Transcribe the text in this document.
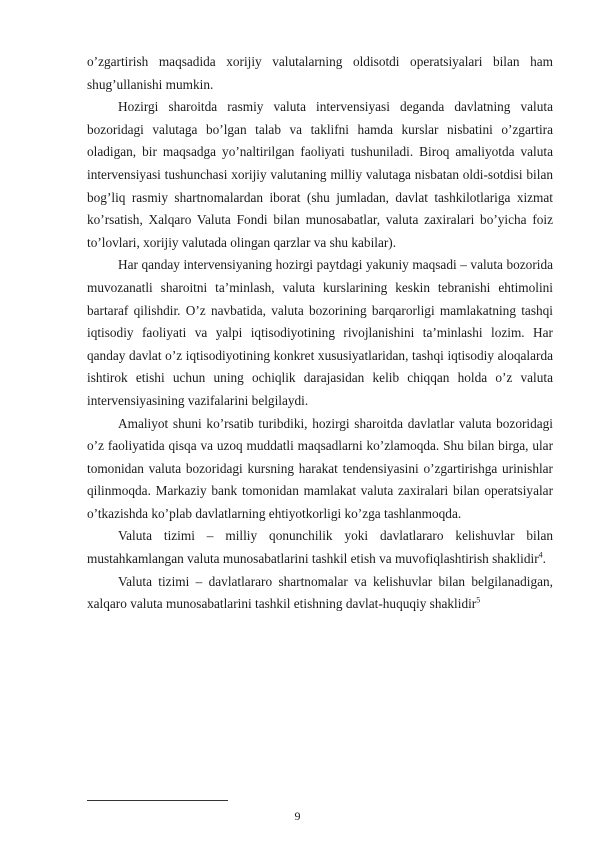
o’zgartirish maqsadida xorijiy valutalarning oldisotdi operatsiyalari bilan ham shug’ullanishi mumkin.

Hozirgi sharoitda rasmiy valuta intervensiyasi deganda davlatning valuta bozoridagi valutaga bo’lgan talab va taklifni hamda kurslar nisbatini o’zgartira oladigan, bir maqsadga yo’naltirilgan faoliyati tushuniladi. Biroq amaliyotda valuta intervensiyasi tushunchasi xorijiy valutaning milliy valutaga nisbatan oldi-sotdisi bilan bog’liq rasmiy shartnomalardan iborat (shu jumladan, davlat tashkilotlariga xizmat ko’rsatish, Xalqaro Valuta Fondi bilan munosabatlar, valuta zaxiralari bo’yicha foiz to’lovlari, xorijiy valutada olingan qarzlar va shu kabilar).

Har qanday intervensiyaning hozirgi paytdagi yakuniy maqsadi – valuta bozorida muvozanatli sharoitni ta’minlash, valuta kurslarining keskin tebranishi ehtimolini bartaraf qilishdir. O’z navbatida, valuta bozorining barqarorligi mamlakatning tashqi iqtisodiy faoliyati va yalpi iqtisodiyotining rivojlanishini ta’minlashi lozim. Har qanday davlat o’z iqtisodiyotining konkret xususiyatlaridan, tashqi iqtisodiy aloqalarda ishtirok etishi uchun uning ochiqlik darajasidan kelib chiqqan holda o’z valuta intervensiyasining vazifalarini belgilaydi.

Amaliyot shuni ko’rsatib turibdiki, hozirgi sharoitda davlatlar valuta bozoridagi o’z faoliyatida qisqa va uzoq muddatli maqsadlarni ko’zlamoqda. Shu bilan birga, ular tomonidan valuta bozoridagi kursning harakat tendensiyasini o’zgartirishga urinishlar qilinmoqda. Markaziy bank tomonidan mamlakat valuta zaxiralari bilan operatsiyalar o’tkazishda ko’plab davlatlarning ehtiyotkorligi ko’zga tashlanmoqda.

Valuta tizimi – milliy qonunchilik yoki davlatlararo kelishuvlar bilan mustahkamlangan valuta munosabatlarini tashkil etish va muvofiqlashtirish shaklidir$^4$.

Valuta tizimi – davlatlararo shartnomalar va kelishuvlar bilan belgilanadigan, xalqaro valuta munosabatlarini tashkil etishning davlat-huquqiy shaklidir$^5$

9
